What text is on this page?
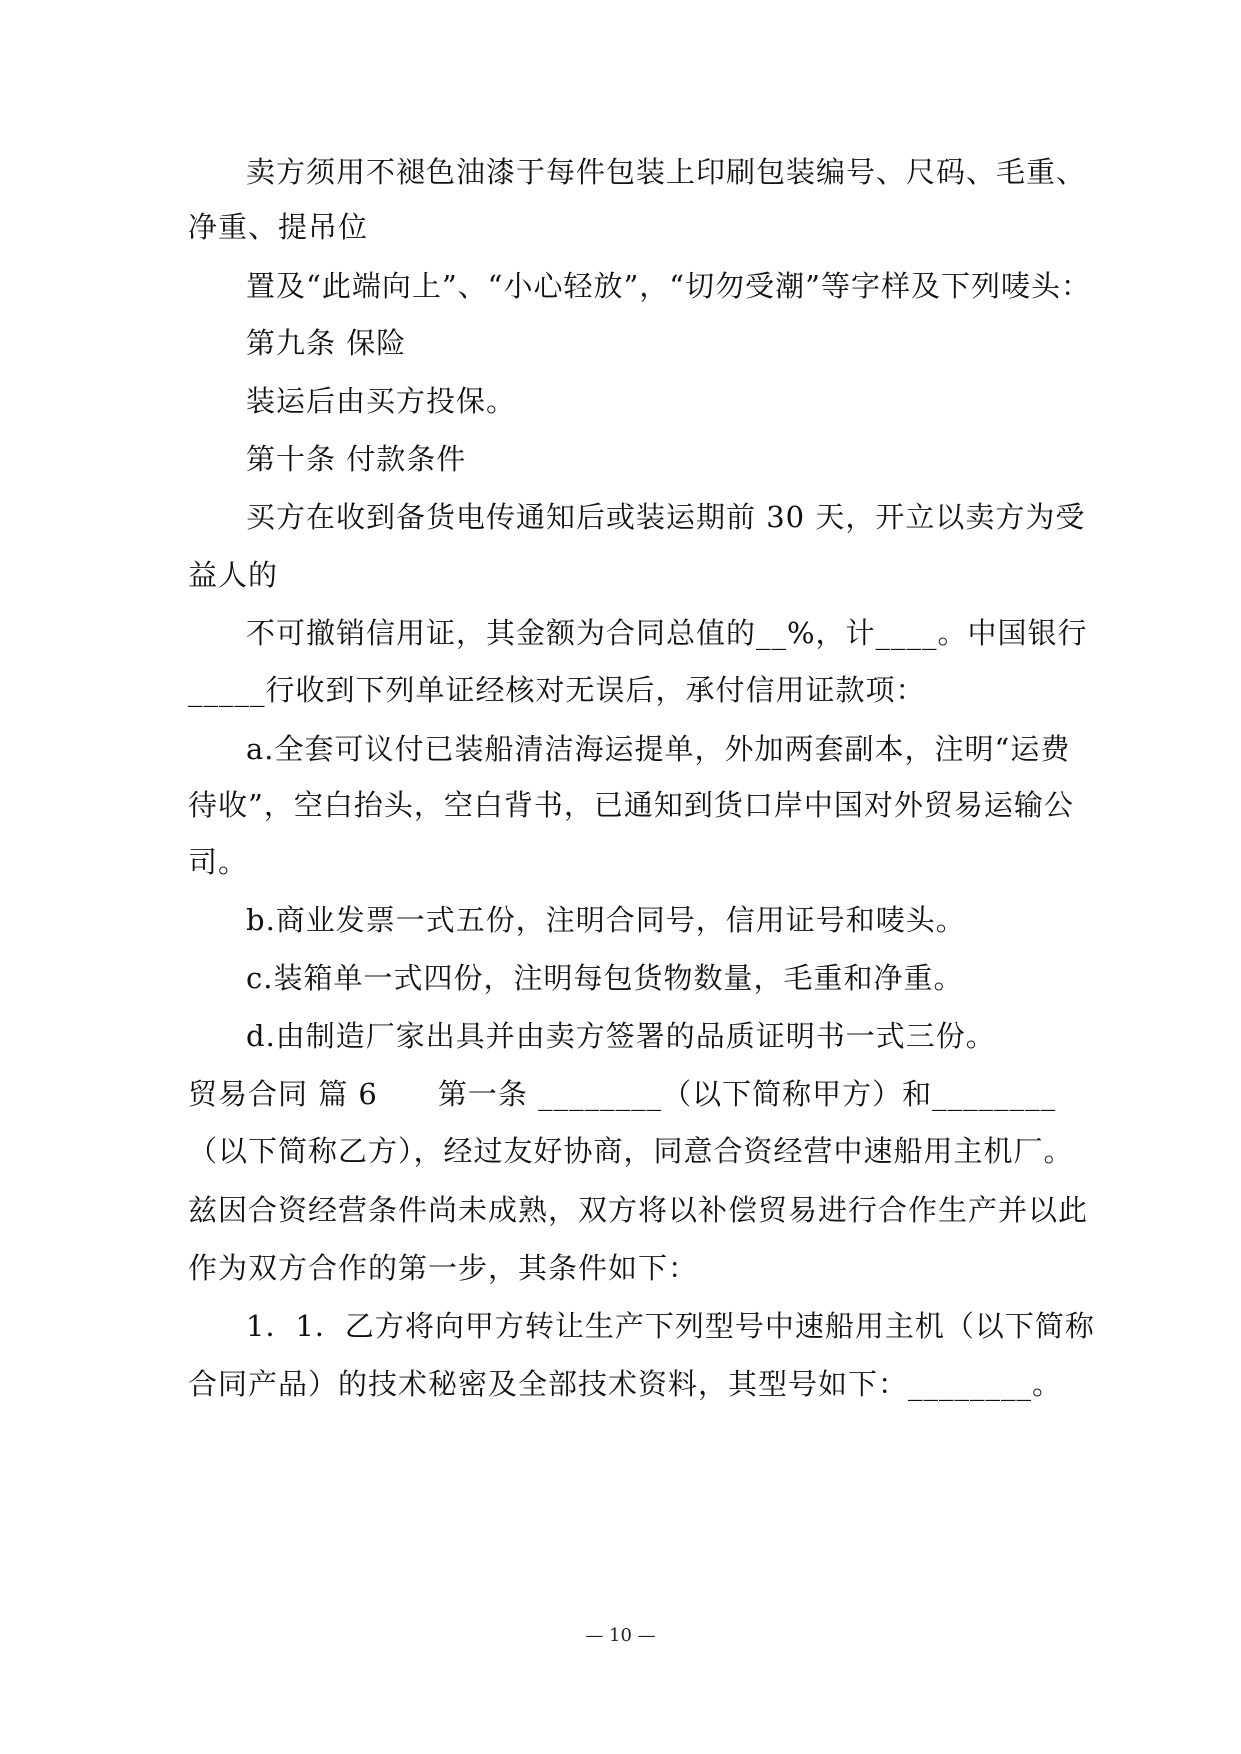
卖方须用不褪色油漆于每件包装上印刷包装编号、尺码、毛重、
净重、提吊位
置及“此端向上”、“小心轻放”，“切勿受潮”等字样及下列唛头：
第九条 保险
装运后由买方投保。
第十条 付款条件
买方在收到备货电传通知后或装运期前 30 天，开立以卖方为受
益人的
不可撤销信用证，其金额为合同总值的__%，计____。中国银行
_____行收到下列单证经核对无误后，承付信用证款项：
a.全套可议付已装船清洁海运提单，外加两套副本，注明“运费
待收”，空白抬头，空白背书，已通知到货口岸中国对外贸易运输公
司。
b.商业发票一式五份，注明合同号，信用证号和唛头。
c.装箱单一式四份，注明每包货物数量，毛重和净重。
d.由制造厂家出具并由卖方签署的品质证明书一式三份。
贸易合同 篇 6　　第一条 ________（以下简称甲方）和________
（以下简称乙方），经过友好协商，同意合资经营中速船用主机厂。
兹因合资经营条件尚未成熟，双方将以补偿贸易进行合作生产并以此
作为双方合作的第一步，其条件如下：
1．1．乙方将向甲方转让生产下列型号中速船用主机（以下简称
合同产品）的技术秘密及全部技术资料，其型号如下：________。
— 10 —
